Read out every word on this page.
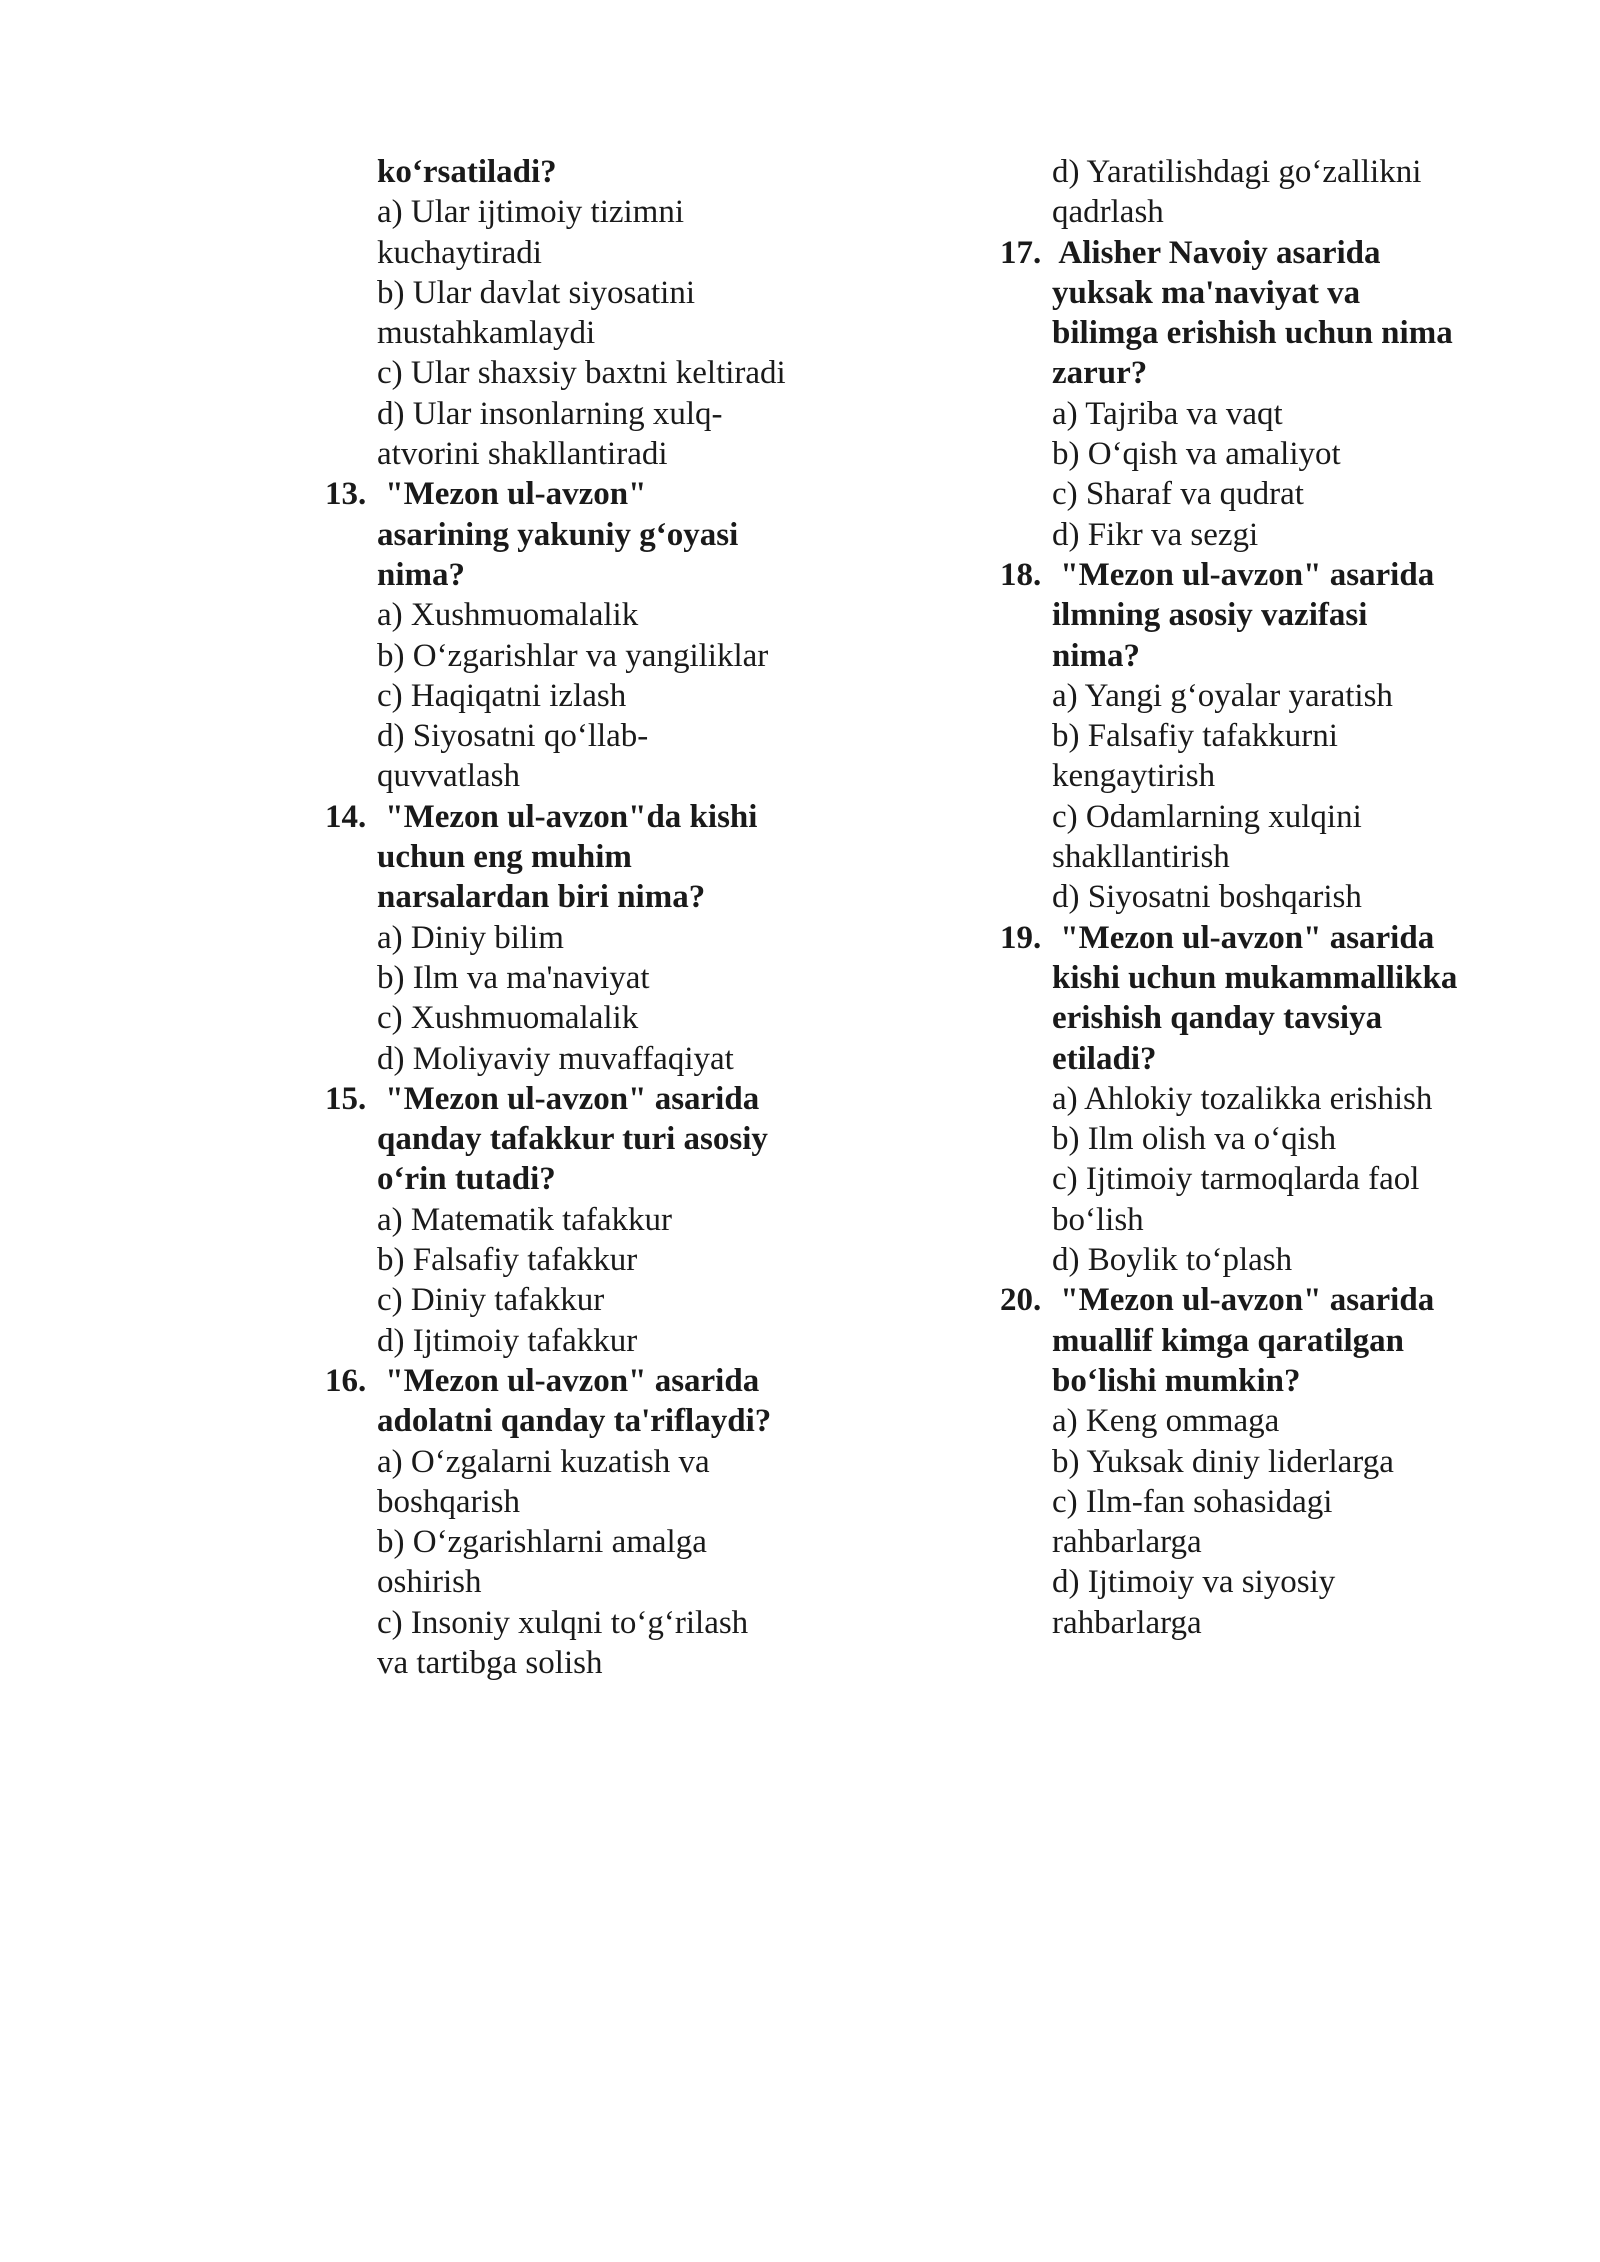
ko‘rsatiladi?
a) Ular ijtimoiy tizimni
kuchaytiradi
b) Ular davlat siyosatini
mustahkamlaydi
c) Ular shaxsiy baxtni keltiradi
d) Ular insonlarning xulq-
atvorini shakllantiradi
13. "Mezon ul-avzon"
asarining yakuniy g‘oyasi
nima?
a) Xushmuomalalik
b) O‘zgarishlar va yangiliklar
c) Haqiqatni izlash
d) Siyosatni qo‘llab-
quvvatlash
14. "Mezon ul-avzon"da kishi
uchun eng muhim
narsalardan biri nima?
a) Diniy bilim
b) Ilm va ma'naviyat
c) Xushmuomalalik
d) Moliyaviy muvaffaqiyat
15. "Mezon ul-avzon" asarida
qanday tafakkur turi asosiy
o‘rin tutadi?
a) Matematik tafakkur
b) Falsafiy tafakkur
c) Diniy tafakkur
d) Ijtimoiy tafakkur
16. "Mezon ul-avzon" asarida
adolatni qanday ta'riflaydi?
a) O‘zgalarni kuzatish va
boshqarish
b) O‘zgarishlarni amalga
oshirish
c) Insoniy xulqni to‘g‘rilash
va tartibga solish
d) Yaratilishdagi go‘zallikni
qadrlash
17. Alisher Navoiy asarida
yuksak ma'naviyat va
bilimga erishish uchun nima
zarur?
a) Tajriba va vaqt
b) O‘qish va amaliyot
c) Sharaf va qudrat
d) Fikr va sezgi
18. "Mezon ul-avzon" asarida
ilmning asosiy vazifasi
nima?
a) Yangi g‘oyalar yaratish
b) Falsafiy tafakkurni
kengaytirish
c) Odamlarning xulqini
shakllantirish
d) Siyosatni boshqarish
19. "Mezon ul-avzon" asarida
kishi uchun mukammallikka
erishish qanday tavsiya
etiladi?
a) Ahlokiy tozalikka erishish
b) Ilm olish va o‘qish
c) Ijtimoiy tarmoqlarda faol
bo‘lish
d) Boylik to‘plash
20. "Mezon ul-avzon" asarida
muallif kimga qaratilgan
bo‘lishi mumkin?
a) Keng ommaga
b) Yuksak diniy liderlarga
c) Ilm-fan sohasidagi
rahbarlarga
d) Ijtimoiy va siyosiy
rahbarlarga
